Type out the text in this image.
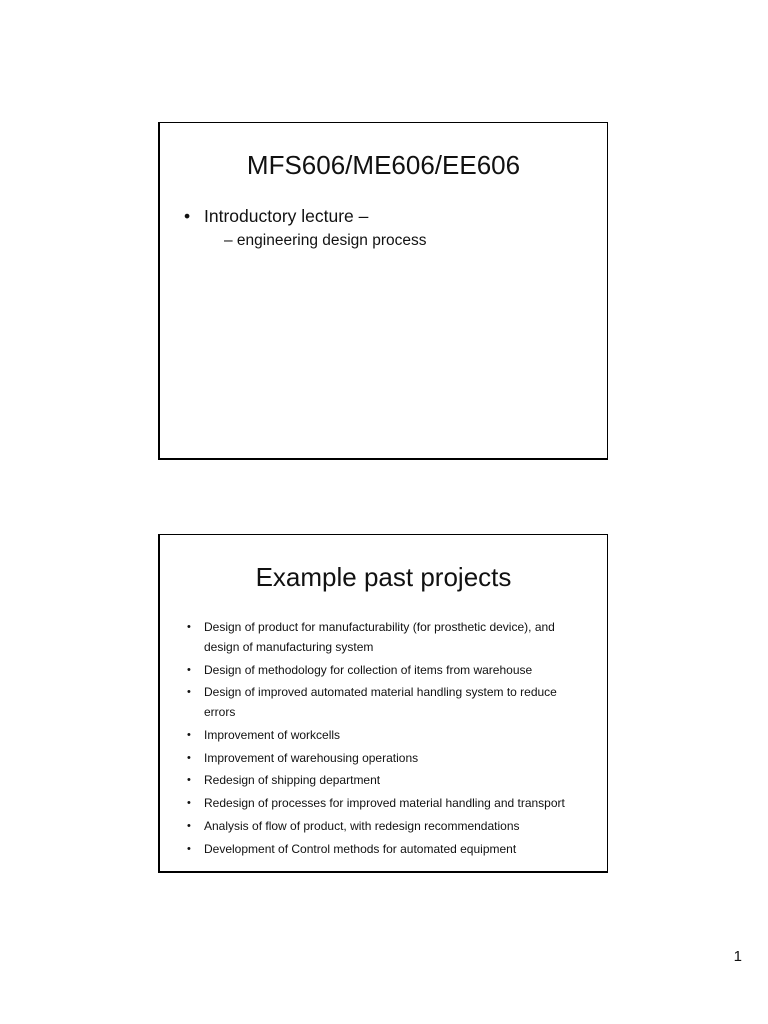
MFS606/ME606/EE606
• Introductory lecture –
– engineering design process
Example past projects
• Design of product for manufacturability (for prosthetic device), and design of manufacturing system
• Design of methodology for collection of items from warehouse
• Design of improved automated material handling system to reduce errors
• Improvement of workcells
• Improvement of warehousing operations
• Redesign of shipping department
• Redesign of processes for improved material handling and transport
• Analysis of flow of product, with redesign recommendations
• Development of Control methods for automated equipment
1
